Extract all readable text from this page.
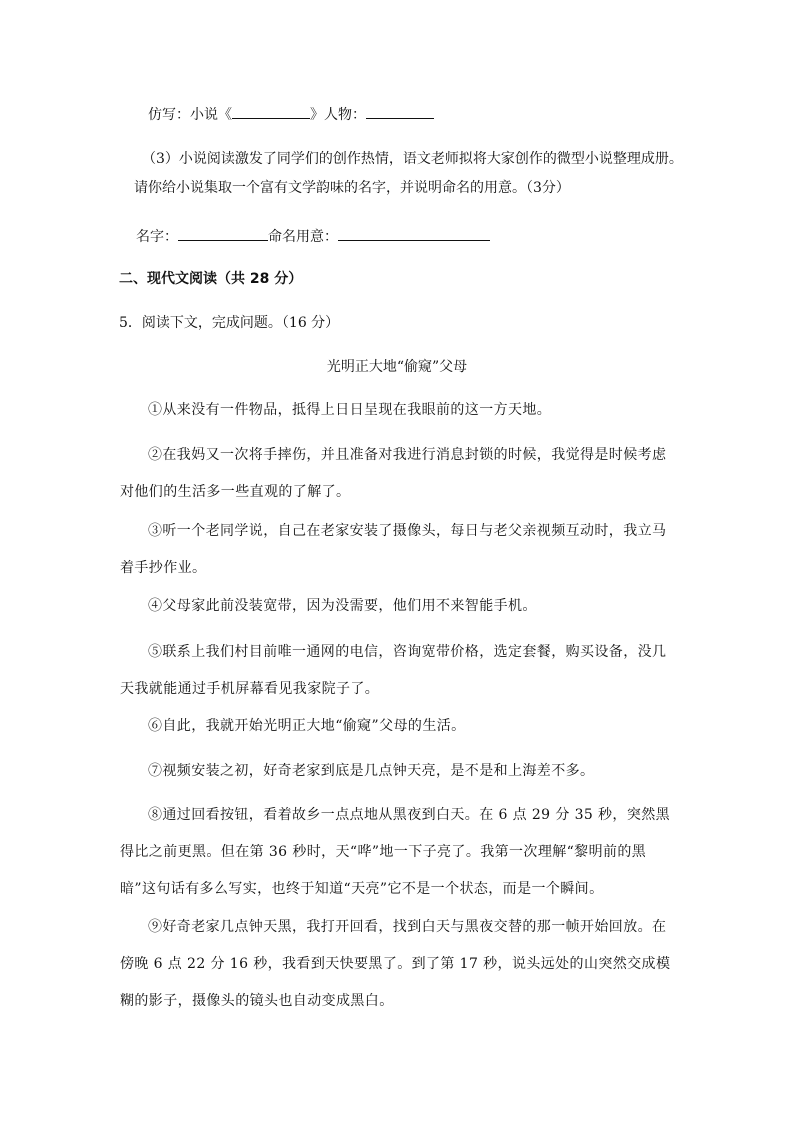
仿写：小说《	》人物：
（3）小说阅读激发了同学们的创作热情，语文老师拟将大家创作的微型小说整理成册。
请你给小说集取一个富有文学韵味的名字，并说明命名的用意。（3分）
名字：	命名用意：
二、现代文阅读（共 28 分）
5．阅读下文，完成问题。（16 分）
光明正大地“偷窥”父母
①从来没有一件物品，抵得上日日呈现在我眼前的这一方天地。
②在我妈又一次将手摔伤，并且准备对我进行消息封锁的时候，我觉得是时候考虑对他们的生活多一些直观的了解了。
③听一个老同学说，自己在老家安装了摄像头，每日与老父亲视频互动时，我立马着手抄作业。
④父母家此前没装宽带，因为没需要，他们用不来智能手机。
⑤联系上我们村目前唯一通网的电信，咨询宽带价格，选定套餐，购买设备，没几天我就能通过手机屏幕看见我家院子了。
⑥自此，我就开始光明正大地“偷窥”父母的生活。
⑦视频安装之初，好奇老家到底是几点钟天亮，是不是和上海差不多。
⑧通过回看按钮，看着故乡一点点地从黑夜到白天。在 6 点 29 分 35 秒，突然黑得比之前更黑。但在第 36 秒时，天“哗”地一下子亮了。我第一次理解“黎明前的黑暗”这句话有多么写实，也终于知道“天亮”它不是一个状态，而是一个瞬间。
⑨好奇老家几点钟天黑，我打开回看，找到白天与黑夜交替的那一帧开始回放。在傍晚 6 点 22 分 16 秒，我看到天快要黑了。到了第 17 秒，说头远处的山突然交成模糊的影子，摄像头的镜头也自动变成黑白。
